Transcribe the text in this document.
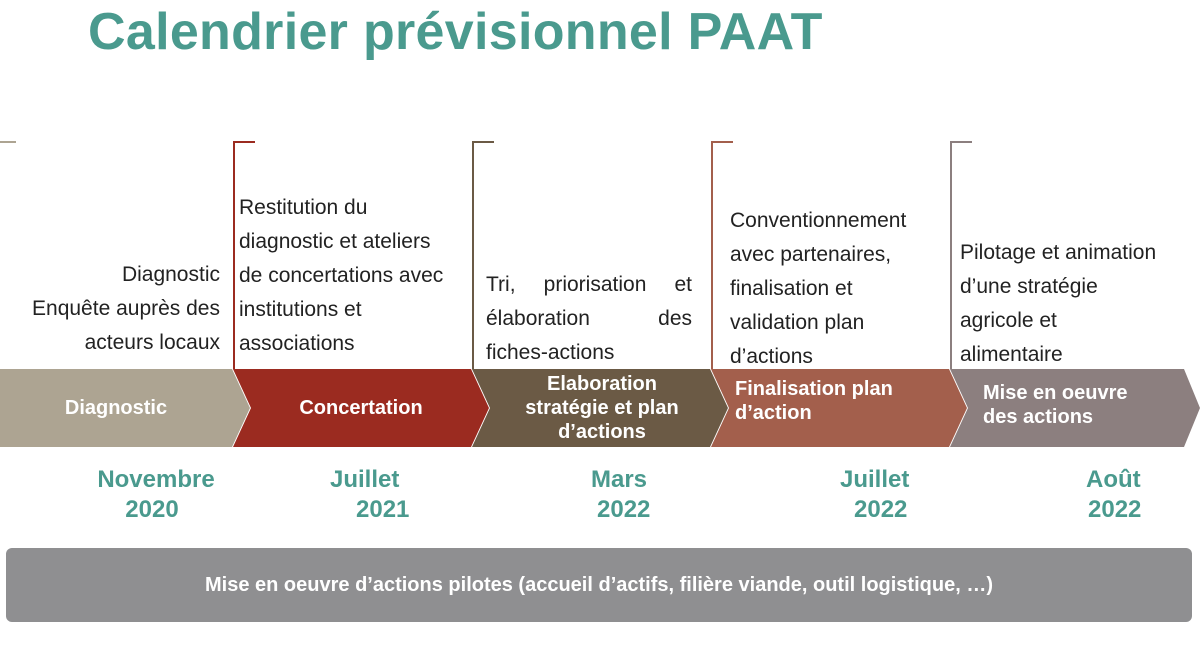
Calendrier prévisionnel PAAT
Diagnostic
Enquête auprès des
acteurs locaux
Restitution du
diagnostic et ateliers
de concertations avec
institutions et
associations
Tri, priorisation et
élaboration	des
fiches-actions
Conventionnement
avec partenaires,
finalisation et
validation plan
d’actions
Pilotage et animation
d’une stratégie
agricole et
alimentaire
Diagnostic	Concertation
Elaboration
stratégie et plan
d’actions
Finalisation plan
d’action
Mise en oeuvre
des actions
Novembre
2020
Juillet
2021
Mars
2022
Juillet
2022
Août
2022
Mise en oeuvre d’actions pilotes (accueil d’actifs, filière viande, outil logistique, …)
